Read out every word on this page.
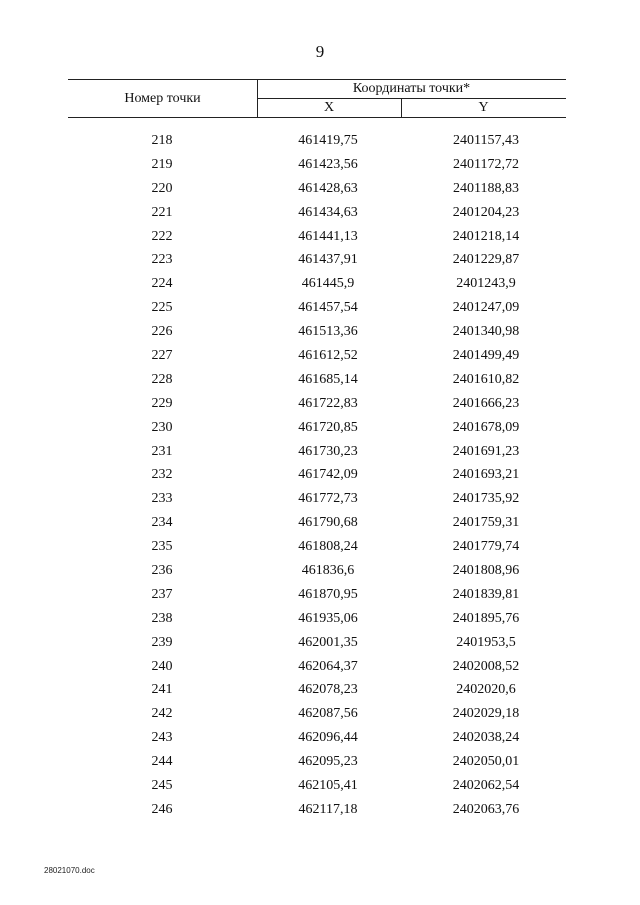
9
Номер точки
Координаты точки*
X	Y
218	461419,75	2401157,43
219	461423,56	2401172,72
220	461428,63	2401188,83
221	461434,63	2401204,23
222	461441,13	2401218,14
223	461437,91	2401229,87
224	461445,9	2401243,9
225	461457,54	2401247,09
226	461513,36	2401340,98
227	461612,52	2401499,49
228	461685,14	2401610,82
229	461722,83	2401666,23
230	461720,85	2401678,09
231	461730,23	2401691,23
232	461742,09	2401693,21
233	461772,73	2401735,92
234	461790,68	2401759,31
235	461808,24	2401779,74
236	461836,6	2401808,96
237	461870,95	2401839,81
238	461935,06	2401895,76
239	462001,35	2401953,5
240	462064,37	2402008,52
241	462078,23	2402020,6
242	462087,56	2402029,18
243	462096,44	2402038,24
244	462095,23	2402050,01
245	462105,41	2402062,54
246	462117,18	2402063,76
28021070.doc
